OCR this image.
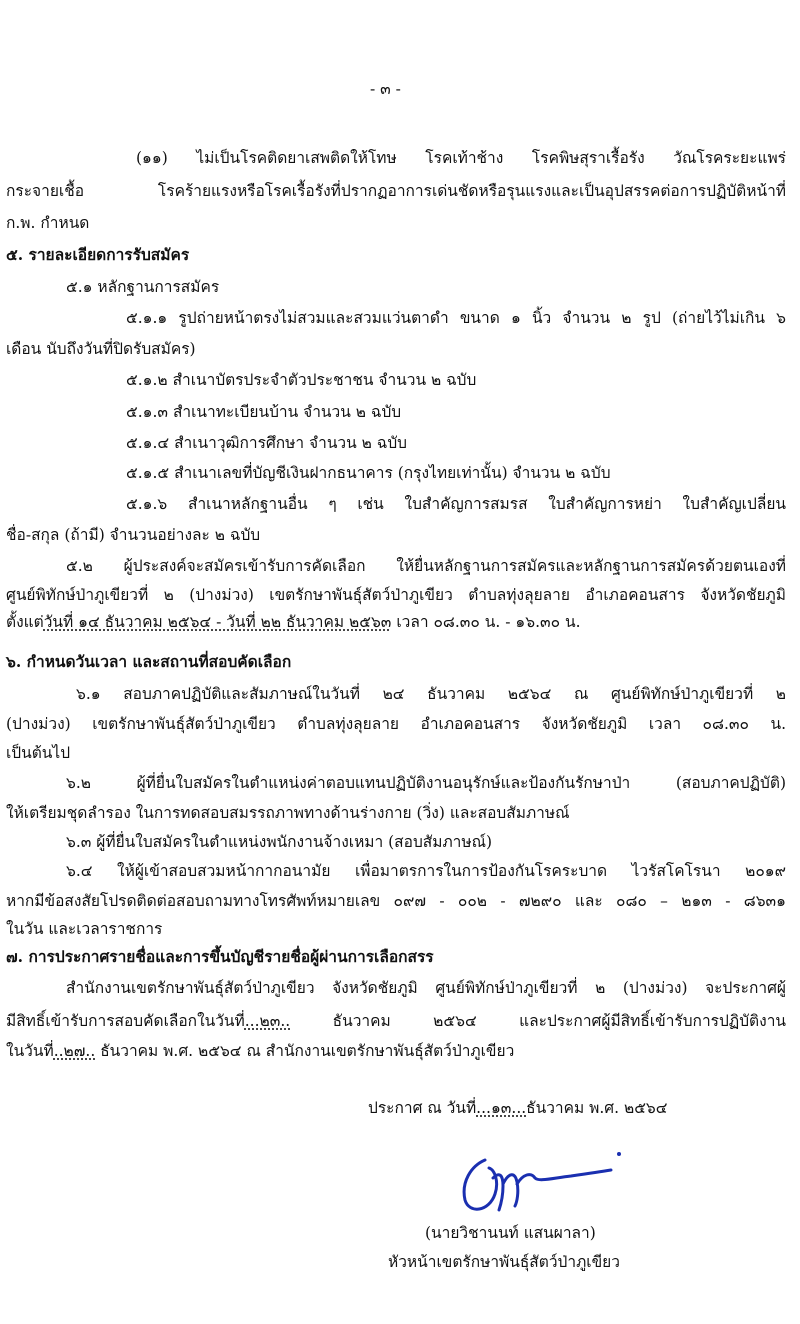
- ๓ -
(๑๑) ไม่เป็นโรคติดยาเสพติดให้โทษ โรคเท้าช้าง โรคพิษสุราเรื้อรัง วัณโรคระยะแพร่
กระจายเชื้อ โรคร้ายแรงหรือโรคเรื้อรังที่ปรากฏอาการเด่นชัดหรือรุนแรงและเป็นอุปสรรคต่อการปฏิบัติหน้าที่
ก.พ. กำหนด
๕. รายละเอียดการรับสมัคร
๕.๑ หลักฐานการสมัคร
๕.๑.๑ รูปถ่ายหน้าตรงไม่สวมและสวมแว่นตาดำ ขนาด ๑ นิ้ว จำนวน ๒ รูป (ถ่ายไว้ไม่เกิน ๖
เดือน นับถึงวันที่ปิดรับสมัคร)
๕.๑.๒ สำเนาบัตรประจำตัวประชาชน จำนวน ๒ ฉบับ
๕.๑.๓ สำเนาทะเบียนบ้าน จำนวน ๒ ฉบับ
๕.๑.๔ สำเนาวุฒิการศึกษา จำนวน ๒ ฉบับ
๕.๑.๕ สำเนาเลขที่บัญชีเงินฝากธนาคาร (กรุงไทยเท่านั้น) จำนวน ๒ ฉบับ
๕.๑.๖ สำเนาหลักฐานอื่น ๆ เช่น ใบสำคัญการสมรส ใบสำคัญการหย่า ใบสำคัญเปลี่ยน
ชื่อ-สกุล (ถ้ามี) จำนวนอย่างละ ๒ ฉบับ
๕.๒ ผู้ประสงค์จะสมัครเข้ารับการคัดเลือก ให้ยื่นหลักฐานการสมัครและหลักฐานการสมัครด้วยตนเองที่
ศูนย์พิทักษ์ป่าภูเขียวที่ ๒ (ปางม่วง) เขตรักษาพันธุ์สัตว์ป่าภูเขียว ตำบลทุ่งลุยลาย อำเภอคอนสาร จังหวัดชัยภูมิ
ตั้งแต่วันที่ ๑๔ ธันวาคม ๒๕๖๔ - วันที่ ๒๒ ธันวาคม ๒๕๖๓ เวลา ๐๘.๓๐ น. - ๑๖.๓๐ น.
๖. กำหนดวันเวลา และสถานที่สอบคัดเลือก
๖.๑ สอบภาคปฏิบัติและสัมภาษณ์ในวันที่ ๒๔ ธันวาคม ๒๕๖๔ ณ ศูนย์พิทักษ์ป่าภูเขียวที่ ๒
(ปางม่วง) เขตรักษาพันธุ์สัตว์ป่าภูเขียว ตำบลทุ่งลุยลาย อำเภอคอนสาร จังหวัดชัยภูมิ เวลา ๐๘.๓๐ น.
เป็นต้นไป
๖.๒ ผู้ที่ยื่นใบสมัครในตำแหน่งค่าตอบแทนปฏิบัติงานอนุรักษ์และป้องกันรักษาป่า (สอบภาคปฏิบัติ)
ให้เตรียมชุดลำรอง ในการทดสอบสมรรถภาพทางด้านร่างกาย (วิ่ง) และสอบสัมภาษณ์
๖.๓ ผู้ที่ยื่นใบสมัครในตำแหน่งพนักงานจ้างเหมา (สอบสัมภาษณ์)
๖.๔ ให้ผู้เข้าสอบสวมหน้ากากอนามัย เพื่อมาตรการในการป้องกันโรคระบาด ไวรัสโคโรนา ๒๐๑๙
หากมีข้อสงสัยโปรดติดต่อสอบถามทางโทรศัพท์หมายเลข ๐๙๗ - ๐๐๒ - ๗๒๙๐ และ ๐๘๐ – ๒๑๓ - ๘๖๓๑
ในวัน และเวลาราชการ
๗. การประกาศรายชื่อและการขึ้นบัญชีรายชื่อผู้ผ่านการเลือกสรร
สำนักงานเขตรักษาพันธุ์สัตว์ป่าภูเขียว จังหวัดชัยภูมิ ศูนย์พิทักษ์ป่าภูเขียวที่ ๒ (ปางม่วง) จะประกาศผู้
มีสิทธิ์เข้ารับการสอบคัดเลือกในวันที่...๒๓.. ธันวาคม ๒๕๖๔ และประกาศผู้มีสิทธิ์เข้ารับการปฏิบัติงาน
ในวันที่..๒๗.. ธันวาคม พ.ศ. ๒๕๖๔ ณ สำนักงานเขตรักษาพันธุ์สัตว์ป่าภูเขียว
ประกาศ ณ วันที่...๑๓...ธันวาคม พ.ศ. ๒๕๖๔
(นายวิชานนท์ แสนผาลา)
หัวหน้าเขตรักษาพันธุ์สัตว์ป่าภูเขียว
